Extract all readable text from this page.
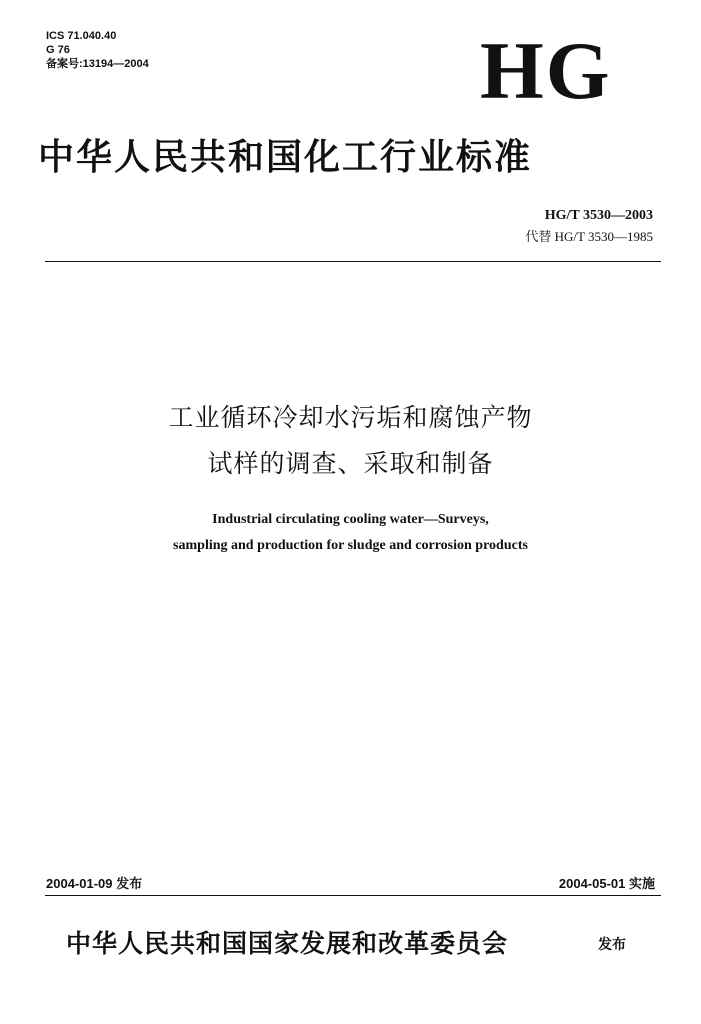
ICS 71.040.40
G 76
备案号:13194—2004	HG
中华人民共和国化工行业标准
HG/T 3530—2003
代替 HG/T 3530—1985
工业循环冷却水污垢和腐蚀产物
试样的调查、采取和制备
Industrial circulating cooling water—Surveys,
sampling and production for sludge and corrosion products
2004-01-09 发布	2004-05-01 实施
中华人民共和国国家发展和改革委员会	发布
